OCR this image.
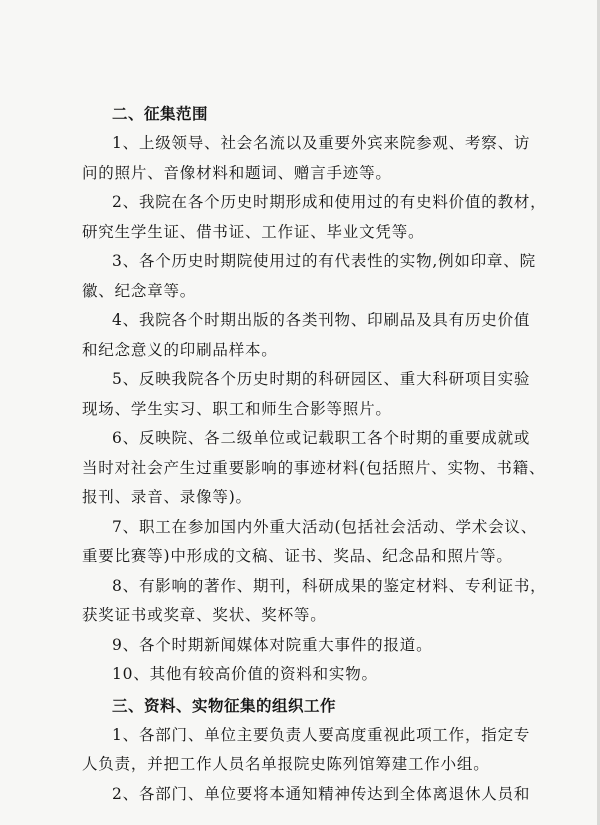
二、征集范围
1、上级领导、社会名流以及重要外宾来院参观、考察、访
问的照片、音像材料和题词、赠言手迹等。
2、我院在各个历史时期形成和使用过的有史料价值的教材，
研究生学生证、借书证、工作证、毕业文凭等。
3、各个历史时期院使用过的有代表性的实物,例如印章、院
徽、纪念章等。
4、我院各个时期出版的各类刊物、印刷品及具有历史价值
和纪念意义的印刷品样本。
5、反映我院各个历史时期的科研园区、重大科研项目实验
现场、学生实习、职工和师生合影等照片。
6、反映院、各二级单位或记载职工各个时期的重要成就或
当时对社会产生过重要影响的事迹材料(包括照片、实物、书籍、
报刊、录音、录像等)。
7、职工在参加国内外重大活动(包括社会活动、学术会议、
重要比赛等)中形成的文稿、证书、奖品、纪念品和照片等。
8、有影响的著作、期刊，科研成果的鉴定材料、专利证书，
获奖证书或奖章、奖状、奖杯等。
9、各个时期新闻媒体对院重大事件的报道。
10、其他有较高价值的资料和实物。
三、资料、实物征集的组织工作
1、各部门、单位主要负责人要高度重视此项工作，指定专
人负责，并把工作人员名单报院史陈列馆筹建工作小组。
2、各部门、单位要将本通知精神传达到全体离退休人员和
